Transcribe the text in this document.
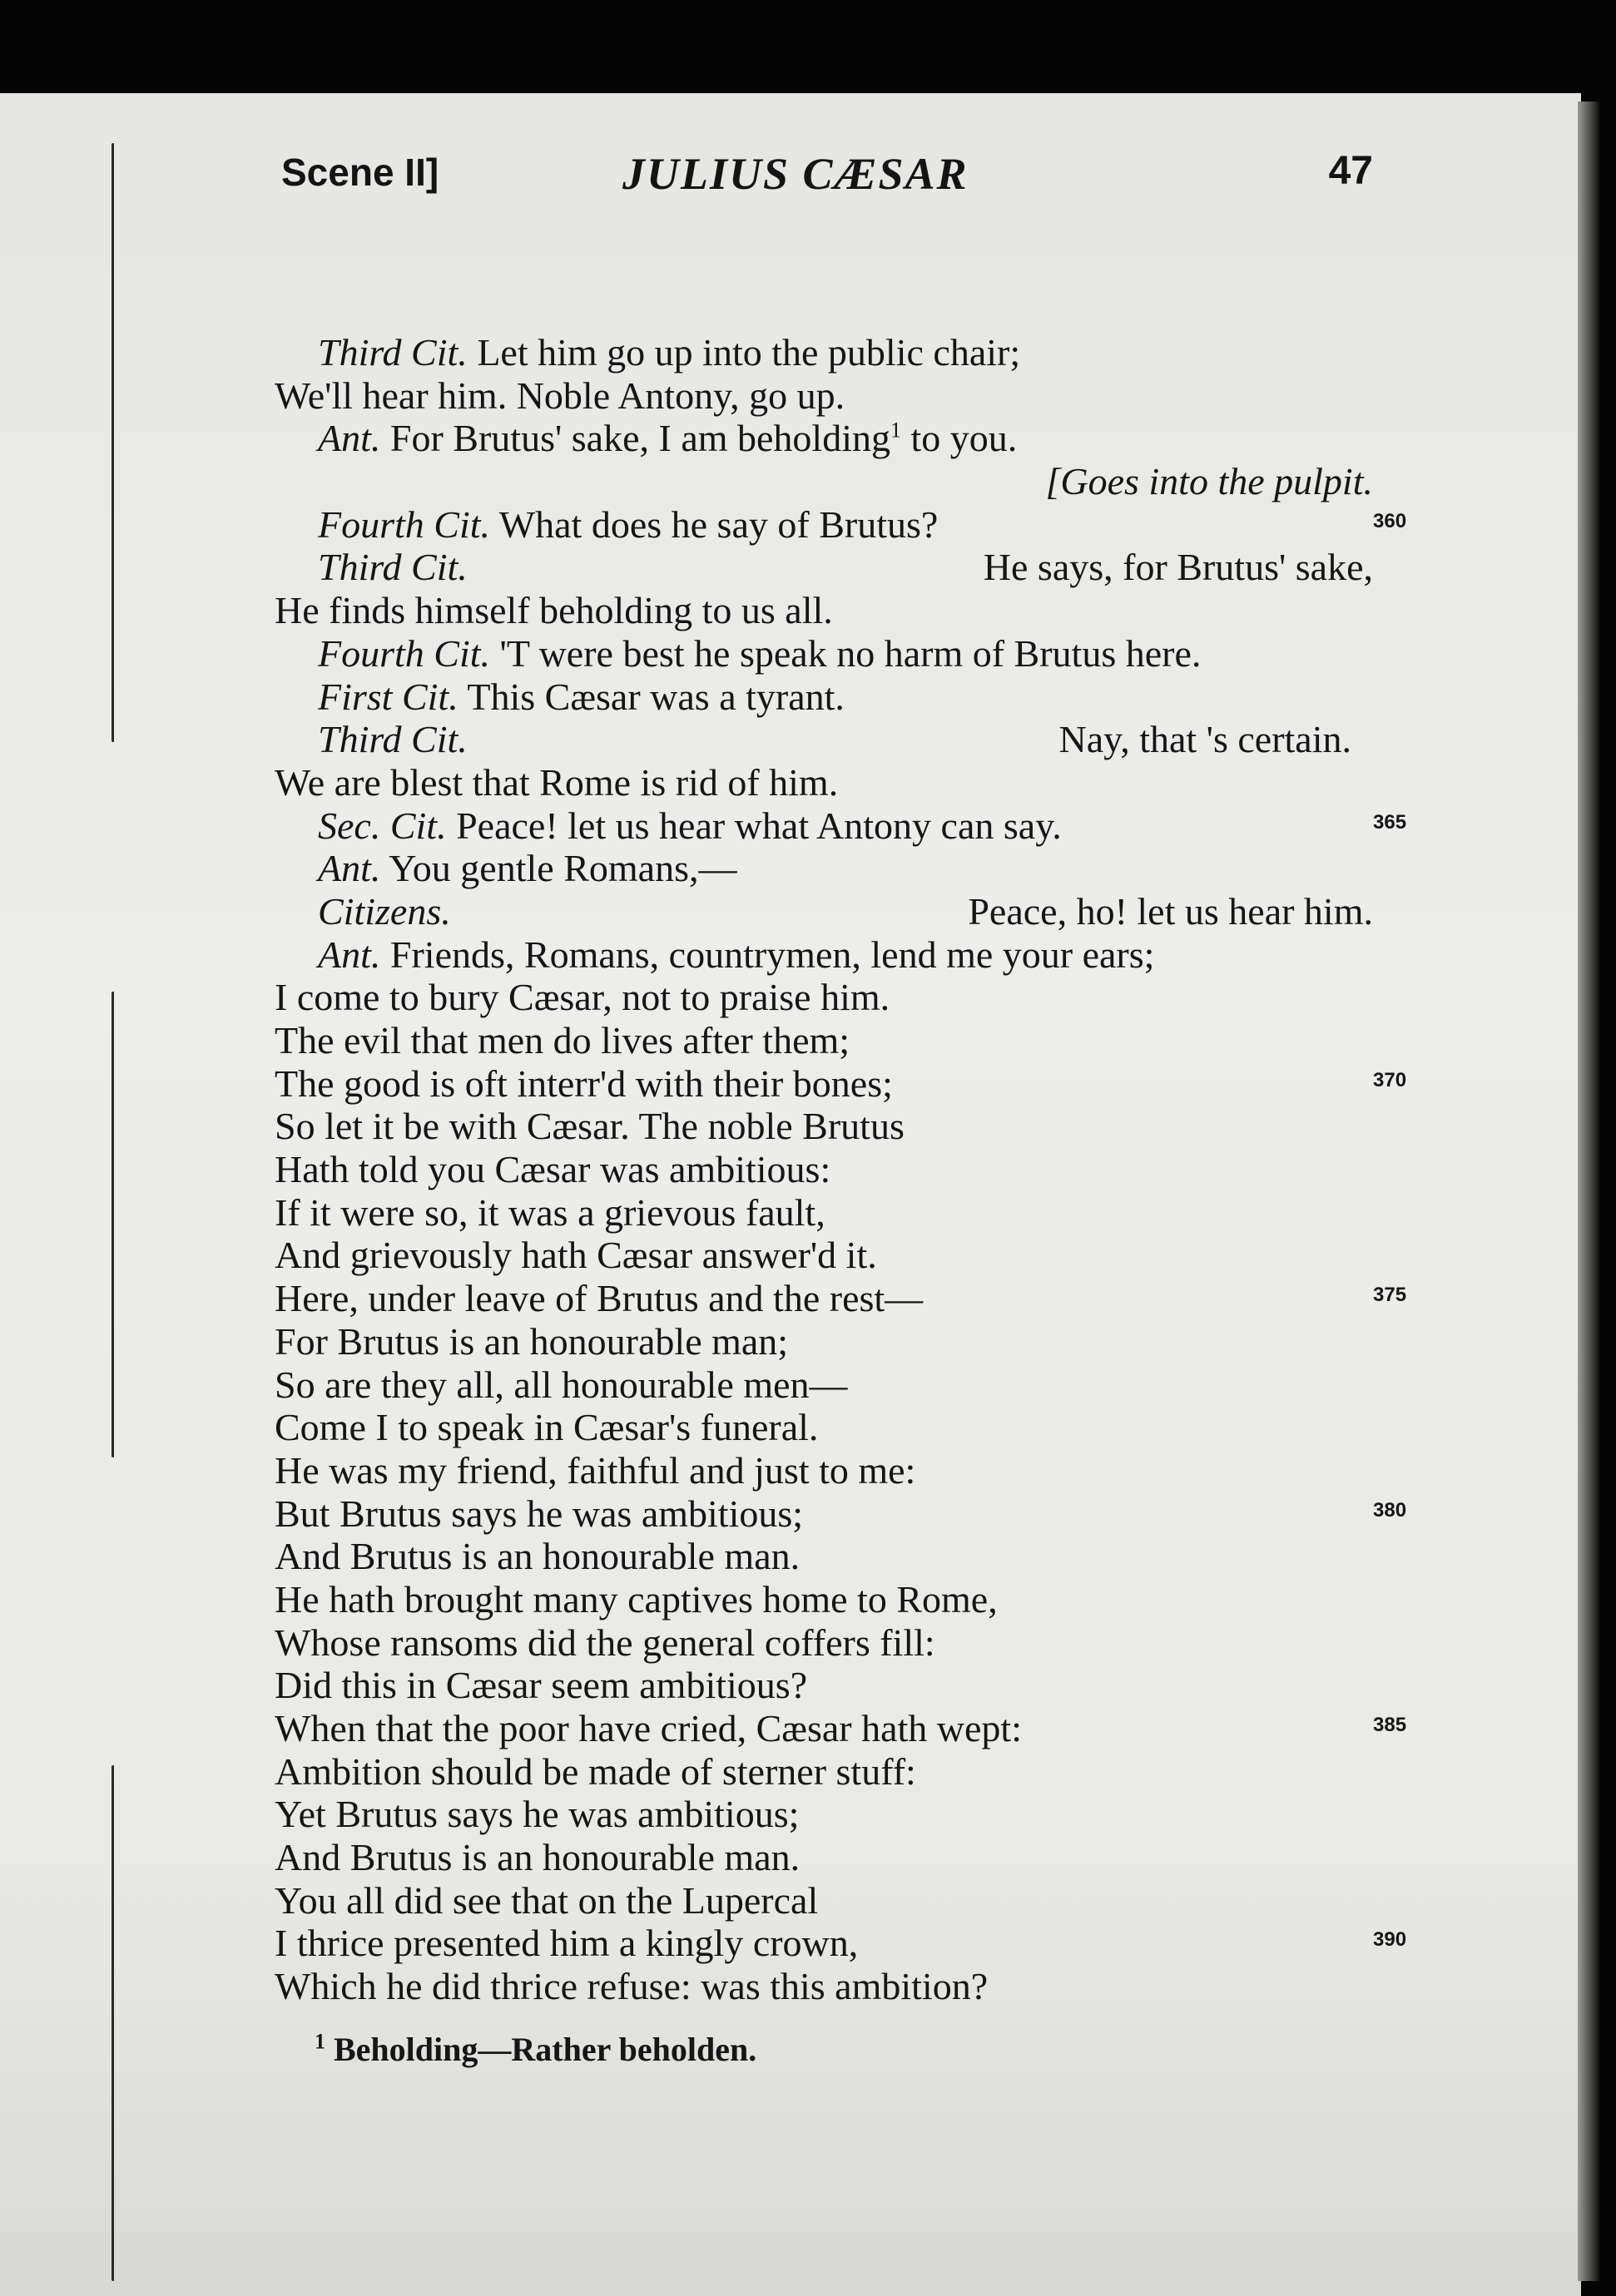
Scene II]	JULIUS CÆSAR	47
Third Cit. Let him go up into the public chair;
We'll hear him. Noble Antony, go up.
Ant. For Brutus' sake, I am beholding$^1$ to you.
[Goes into the pulpit.
Fourth Cit. What does he say of Brutus?	360
Third Cit.	He says, for Brutus' sake,
He finds himself beholding to us all.
Fourth Cit. 'T were best he speak no harm of Brutus here.
First Cit. This Cæsar was a tyrant.
Third Cit.	Nay, that 's certain.
We are blest that Rome is rid of him.
Sec. Cit. Peace! let us hear what Antony can say.	365
Ant. You gentle Romans,—
Citizens.	Peace, ho! let us hear him.
Ant. Friends, Romans, countrymen, lend me your ears;
I come to bury Cæsar, not to praise him.
The evil that men do lives after them;
The good is oft interr'd with their bones;	370
So let it be with Cæsar. The noble Brutus
Hath told you Cæsar was ambitious:
If it were so, it was a grievous fault,
And grievously hath Cæsar answer'd it.
Here, under leave of Brutus and the rest—	375
For Brutus is an honourable man;
So are they all, all honourable men—
Come I to speak in Cæsar's funeral.
He was my friend, faithful and just to me:
But Brutus says he was ambitious;	380
And Brutus is an honourable man.
He hath brought many captives home to Rome,
Whose ransoms did the general coffers fill:
Did this in Cæsar seem ambitious?
When that the poor have cried, Cæsar hath wept:	385
Ambition should be made of sterner stuff:
Yet Brutus says he was ambitious;
And Brutus is an honourable man.
You all did see that on the Lupercal
I thrice presented him a kingly crown,	390
Which he did thrice refuse: was this ambition?
$^1$ Beholding—Rather beholden.
